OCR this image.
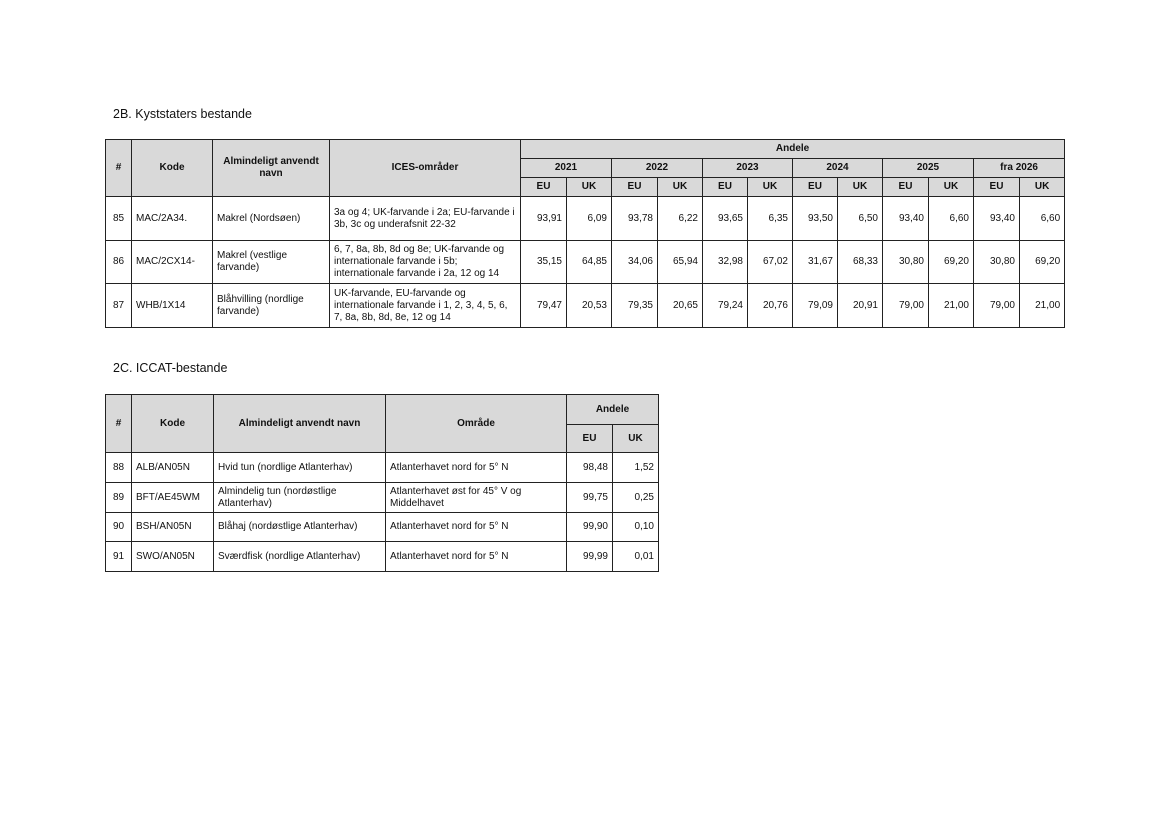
2B. Kyststaters bestande
#	Kode	Almindeligt anvendt navn	ICES-områder	Andele											
				2021		2022		2023		2024		2025		fra 2026	
				EU	UK	EU	UK	EU	UK	EU	UK	EU	UK	EU	UK
85	MAC/2A34.	Makrel (Nordsøen)	3a og 4; UK-farvande i 2a; EU-farvande i 3b, 3c og underafsnit 22-32	93,91	6,09	93,78	6,22	93,65	6,35	93,50	6,50	93,40	6,60	93,40	6,60
86	MAC/2CX14-	Makrel (vestlige farvande)	6, 7, 8a, 8b, 8d og 8e; UK-farvande og internationale farvande i 5b; internationale farvande i 2a, 12 og 14	35,15	64,85	34,06	65,94	32,98	67,02	31,67	68,33	30,80	69,20	30,80	69,20
87	WHB/1X14	Blåhvilling (nordlige farvande)	UK-farvande, EU-farvande og internationale farvande i 1, 2, 3, 4, 5, 6, 7, 8a, 8b, 8d, 8e, 12 og 14	79,47	20,53	79,35	20,65	79,24	20,76	79,09	20,91	79,00	21,00	79,00	21,00
2C. ICCAT-bestande
#	Kode	Almindeligt anvendt navn	Område	Andele	
				EU	UK
88	ALB/AN05N	Hvid tun (nordlige Atlanterhav)	Atlanterhavet nord for 5° N	98,48	1,52
89	BFT/AE45WM	Almindelig tun (nordøstlige Atlanterhav)	Atlanterhavet øst for 45° V og Middelhavet	99,75	0,25
90	BSH/AN05N	Blåhaj (nordøstlige Atlanterhav)	Atlanterhavet nord for 5° N	99,90	0,10
91	SWO/AN05N	Sværdfisk (nordlige Atlanterhav)	Atlanterhavet nord for 5° N	99,99	0,01
